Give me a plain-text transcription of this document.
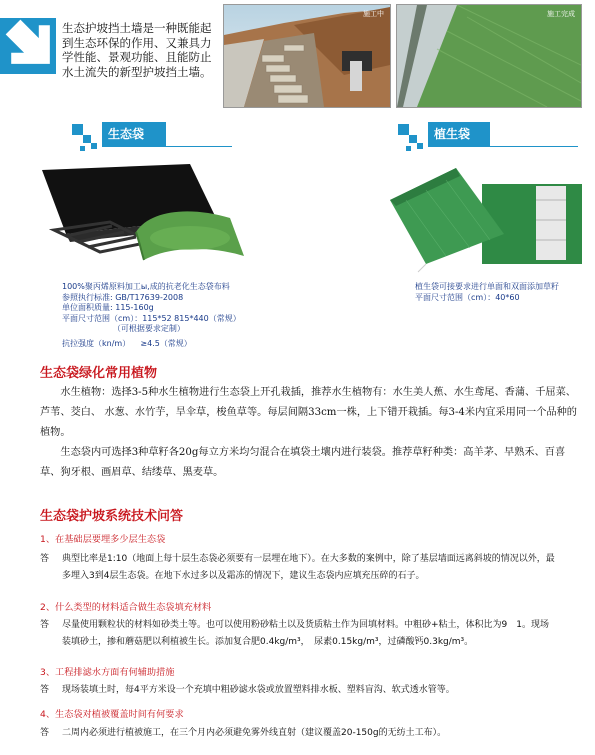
生态护坡挡土墙是一种既能起到生态环保的作用、又兼具力学性能、景观功能、且能防止水土流失的新型护坡挡土墙。
施工中	施工完成
生态袋	植生袋
100%聚丙烯原料加工ы,成的抗老化生态袋布料
参照执行标准: GB/T17639-2008
单位面积质量: 115-160g
平面尺寸范围（cm）：115*52 815*440（常规）
（可根据要求定制）
抗拉强度（kn/m）    ≥4.5（常规）
植生袋可接要求进行单面和双面添加草籽
平面尺寸范围（cm）：40*60
生态袋绿化常用植物
水生植物：选择3-5种水生植物进行生态袋上开孔栽插，推荐水生植物有：水生美人蕉、水生鸢尾、香蒲、千屈菜、芦苇、茭白、 水葱、水竹芋，旱伞草，梭鱼草等。每层间隔33cm一株，上下错开栽插。每3-4米内宜采用同一个品种的植物。
生态袋内可选择3种草籽各20g每立方米均匀混合在填袋土壤内进行装袋。推荐草籽种类：高羊茅、早熟禾、百喜草、狗牙根、画眉草、结缕草、黑麦草。
生态袋护坡系统技术问答
1、在基础层要埋多少层生态袋
答 典型比率是1:10（地面上每十层生态袋必须要有一层埋在地下）。在大多数的案例中，除了基层墙面远离斜坡的情况以外，最
多埋入3到4层生态袋。在地下水过多以及霜冻的情况下，建议生态袋内应填充压碎的石子。
2、什么类型的材料适合做生态袋填充材料
答 尽量使用颗粒状的材料如砂类土等。也可以使用粉砂粘土以及货质粘土作为回填材料。中粗砂+粘土，体积比为9　1。现场
装填砂土，掺和蘑菇肥以利植被生长。添加复合肥0.4kg/m³，　尿素0.15kg/m³，过磷酸钙0.3kg/m³。
3、工程排滤水方面有何辅助措施
答 现场装填土时，每4平方米设一个充填中粗砂滤水袋或放置塑料排水板、塑料盲沟、软式透水管等。
4、生态袋对植被覆盖时间有何要求
答 二周内必须进行植被施工，在三个月内必须避免雾外线直射（建议覆盖20-150g的无纺土工布）。
